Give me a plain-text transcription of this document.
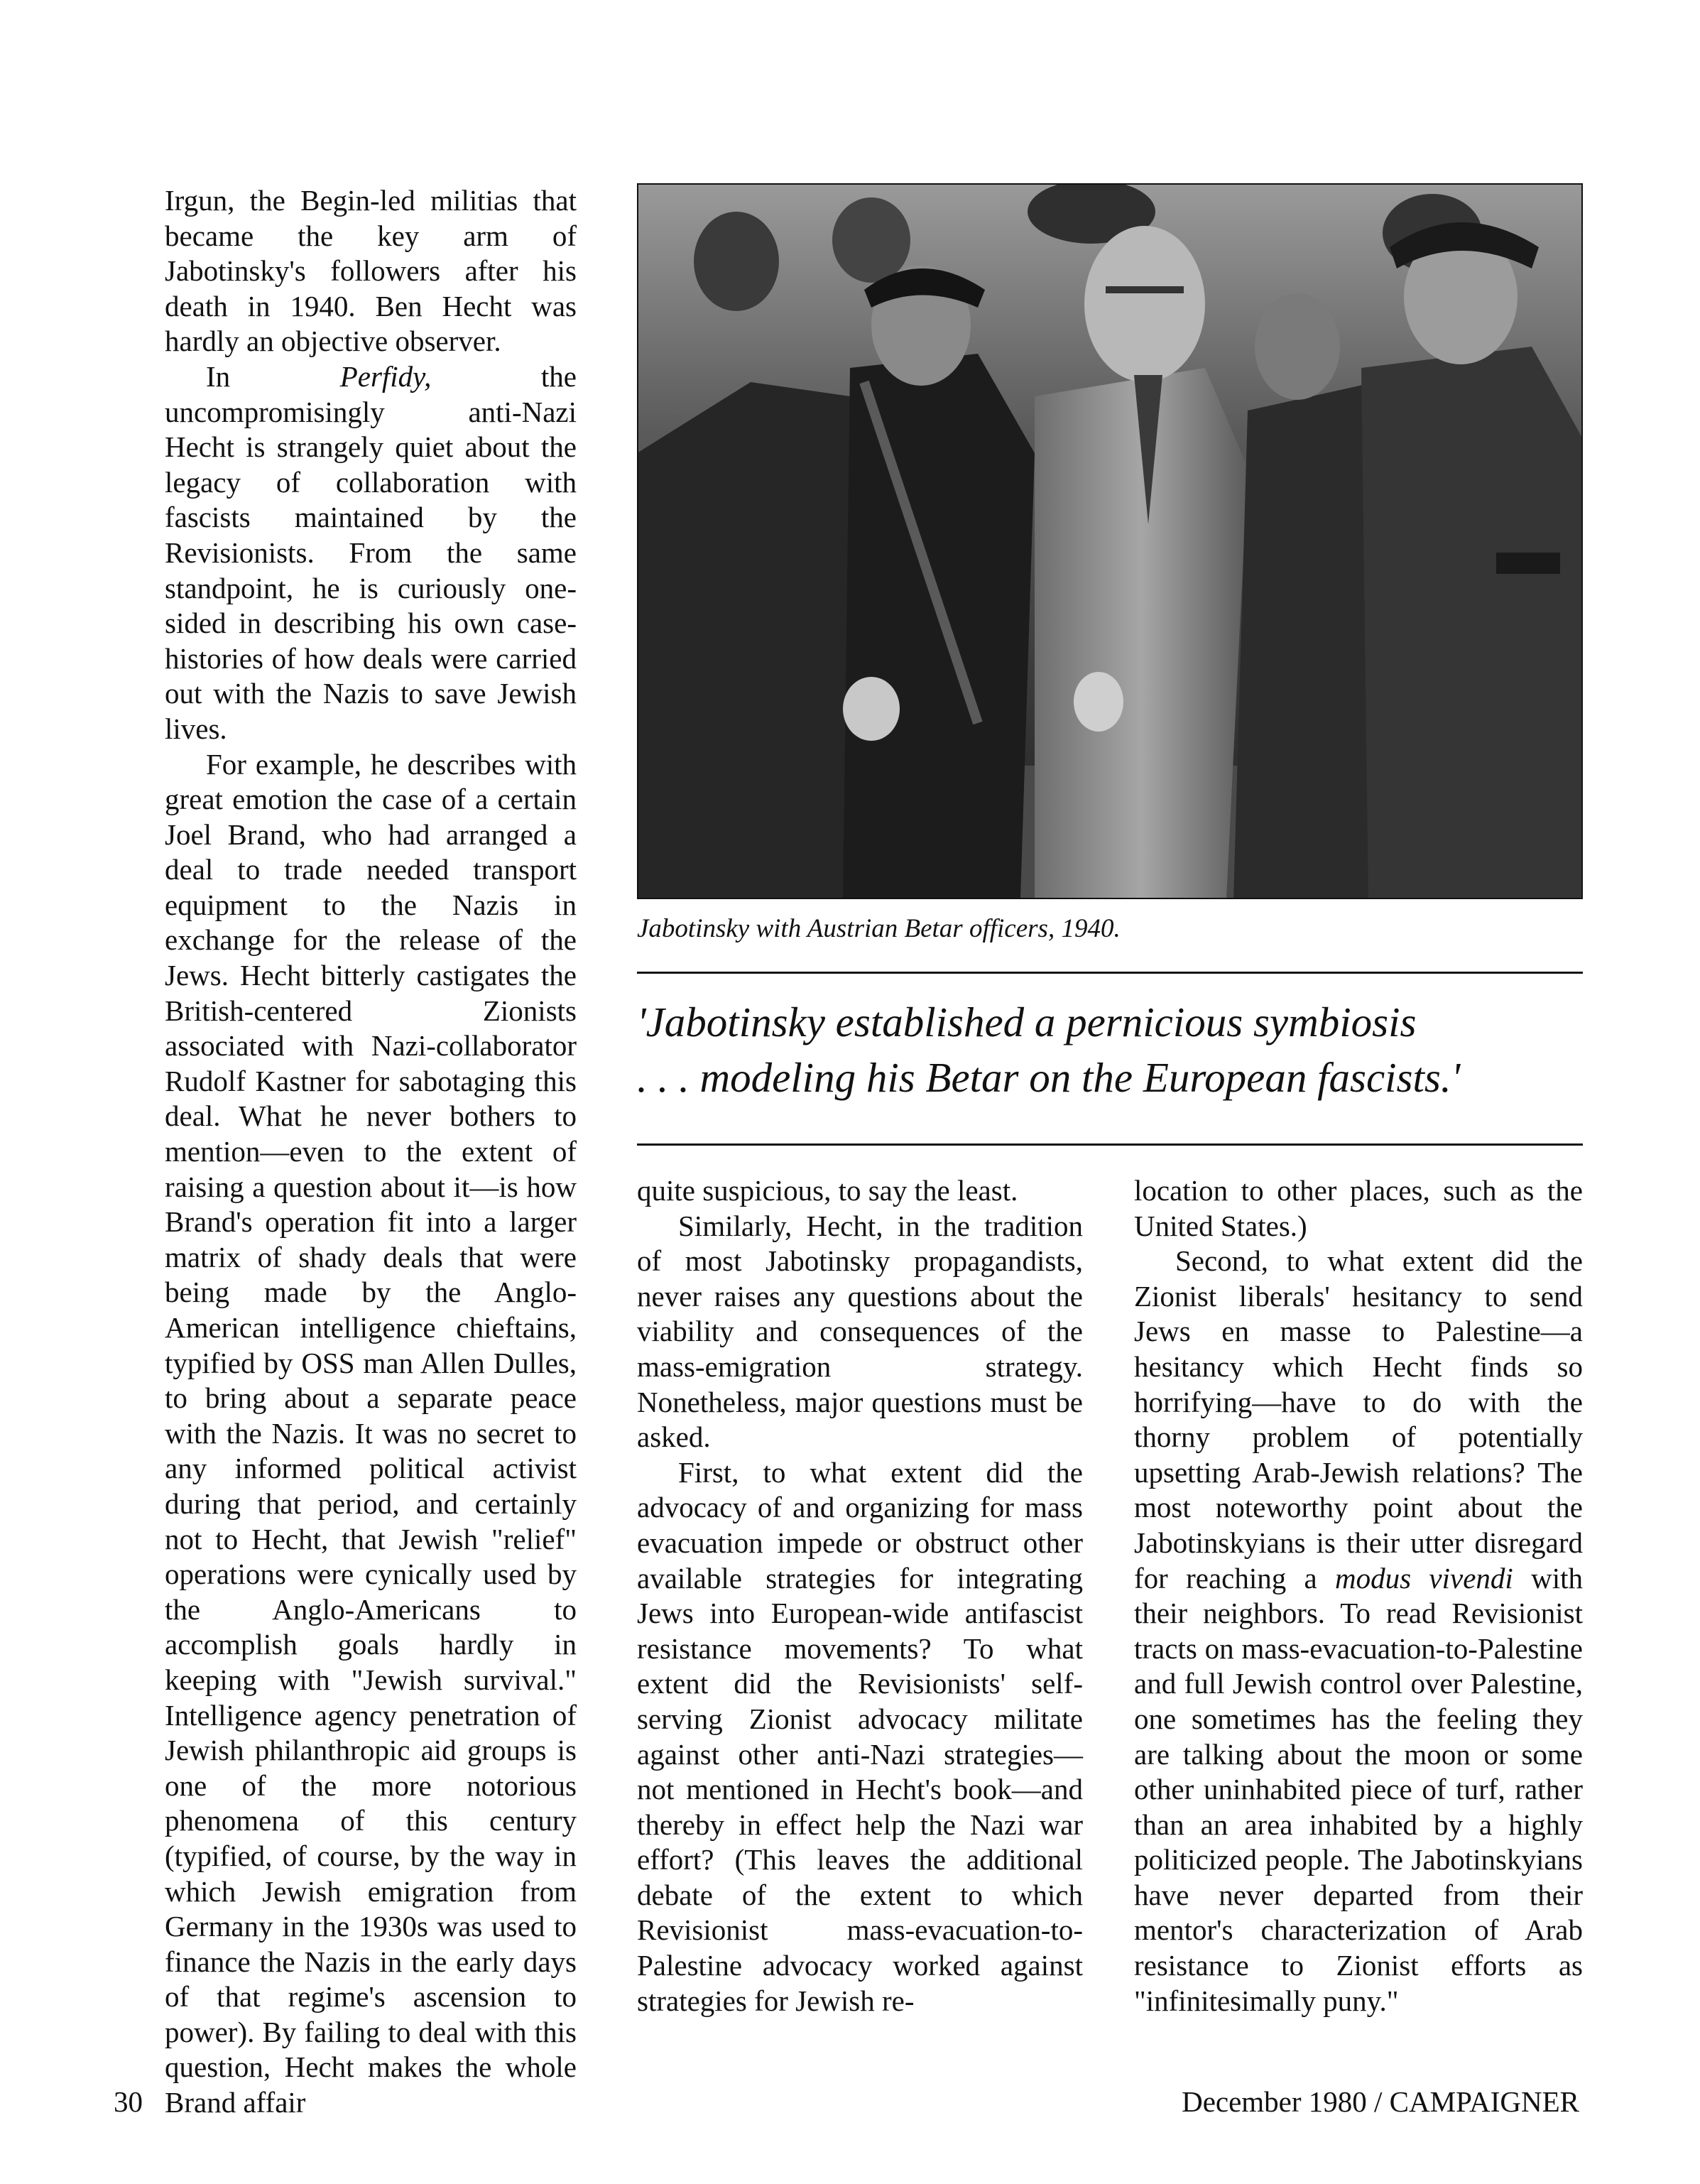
Irgun, the Begin-led militias that became the key arm of Jabotinsky's followers after his death in 1940. Ben Hecht was hardly an objective observer.

In Perfidy, the uncompromisingly anti-Nazi Hecht is strangely quiet about the legacy of collaboration with fascists maintained by the Revisionists. From the same standpoint, he is curiously one-sided in describing his own case-histories of how deals were carried out with the Nazis to save Jewish lives.

For example, he describes with great emotion the case of a certain Joel Brand, who had arranged a deal to trade needed transport equipment to the Nazis in exchange for the release of the Jews. Hecht bitterly castigates the British-centered Zionists associated with Nazi-collaborator Rudolf Kastner for sabotaging this deal. What he never bothers to mention—even to the extent of raising a question about it—is how Brand's operation fit into a larger matrix of shady deals that were being made by the Anglo-American intelligence chieftains, typified by OSS man Allen Dulles, to bring about a separate peace with the Nazis. It was no secret to any informed political activist during that period, and certainly not to Hecht, that Jewish "relief" operations were cynically used by the Anglo-Americans to accomplish goals hardly in keeping with "Jewish survival." Intelligence agency penetration of Jewish philanthropic aid groups is one of the more notorious phenomena of this century (typified, of course, by the way in which Jewish emigration from Germany in the 1930s was used to finance the Nazis in the early days of that regime's ascension to power). By failing to deal with this question, Hecht makes the whole Brand affair

Jabotinsky with Austrian Betar officers, 1940.
'Jabotinsky established a pernicious symbiosis
. . . modeling his Betar on the European fascists.'

quite suspicious, to say the least.

Similarly, Hecht, in the tradition of most Jabotinsky propagandists, never raises any questions about the viability and consequences of the mass-emigration strategy. Nonetheless, major questions must be asked.

First, to what extent did the advocacy of and organizing for mass evacuation impede or obstruct other available strategies for integrating Jews into European-wide antifascist resistance movements? To what extent did the Revisionists' self-serving Zionist advocacy militate against other anti-Nazi strategies—not mentioned in Hecht's book—and thereby in effect help the Nazi war effort? (This leaves the additional debate of the extent to which Revisionist mass-evacuation-to-Palestine advocacy worked against strategies for Jewish re-

location to other places, such as the United States.)

Second, to what extent did the Zionist liberals' hesitancy to send Jews en masse to Palestine—a hesitancy which Hecht finds so horrifying—have to do with the thorny problem of potentially upsetting Arab-Jewish relations? The most noteworthy point about the Jabotinskyians is their utter disregard for reaching a modus vivendi with their neighbors. To read Revisionist tracts on mass-evacuation-to-Palestine and full Jewish control over Palestine, one sometimes has the feeling they are talking about the moon or some other uninhabited piece of turf, rather than an area inhabited by a highly politicized people. The Jabotinskyians have never departed from their mentor's characterization of Arab resistance to Zionist efforts as "infinitesimally puny."

30	December 1980 / CAMPAIGNER
